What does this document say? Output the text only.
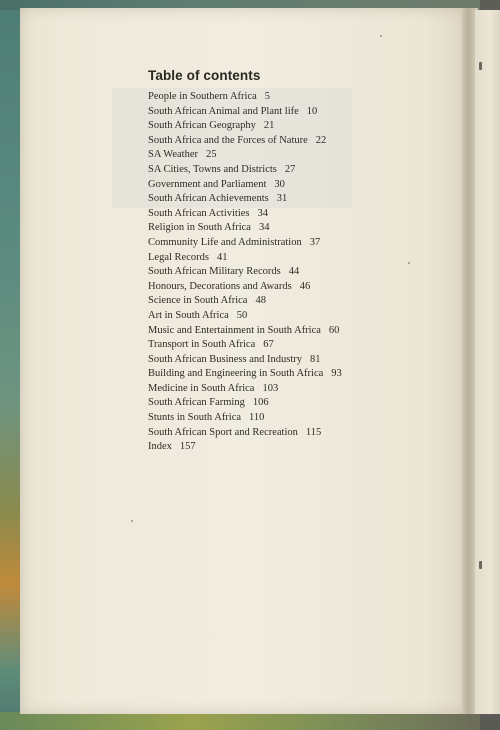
Table of contents
People in Southern Africa 5
South African Animal and Plant life 10
South African Geography 21
South Africa and the Forces of Nature 22
SA Weather 25
SA Cities, Towns and Districts 27
Government and Parliament 30
South African Achievements 31
South African Activities 34
Religion in South Africa 34
Community Life and Administration 37
Legal Records 41
South African Military Records 44
Honours, Decorations and Awards 46
Science in South Africa 48
Art in South Africa 50
Music and Entertainment in South Africa 60
Transport in South Africa 67
South African Business and Industry 81
Building and Engineering in South Africa 93
Medicine in South Africa 103
South African Farming 106
Stunts in South Africa 110
South African Sport and Recreation 115
Index 157
